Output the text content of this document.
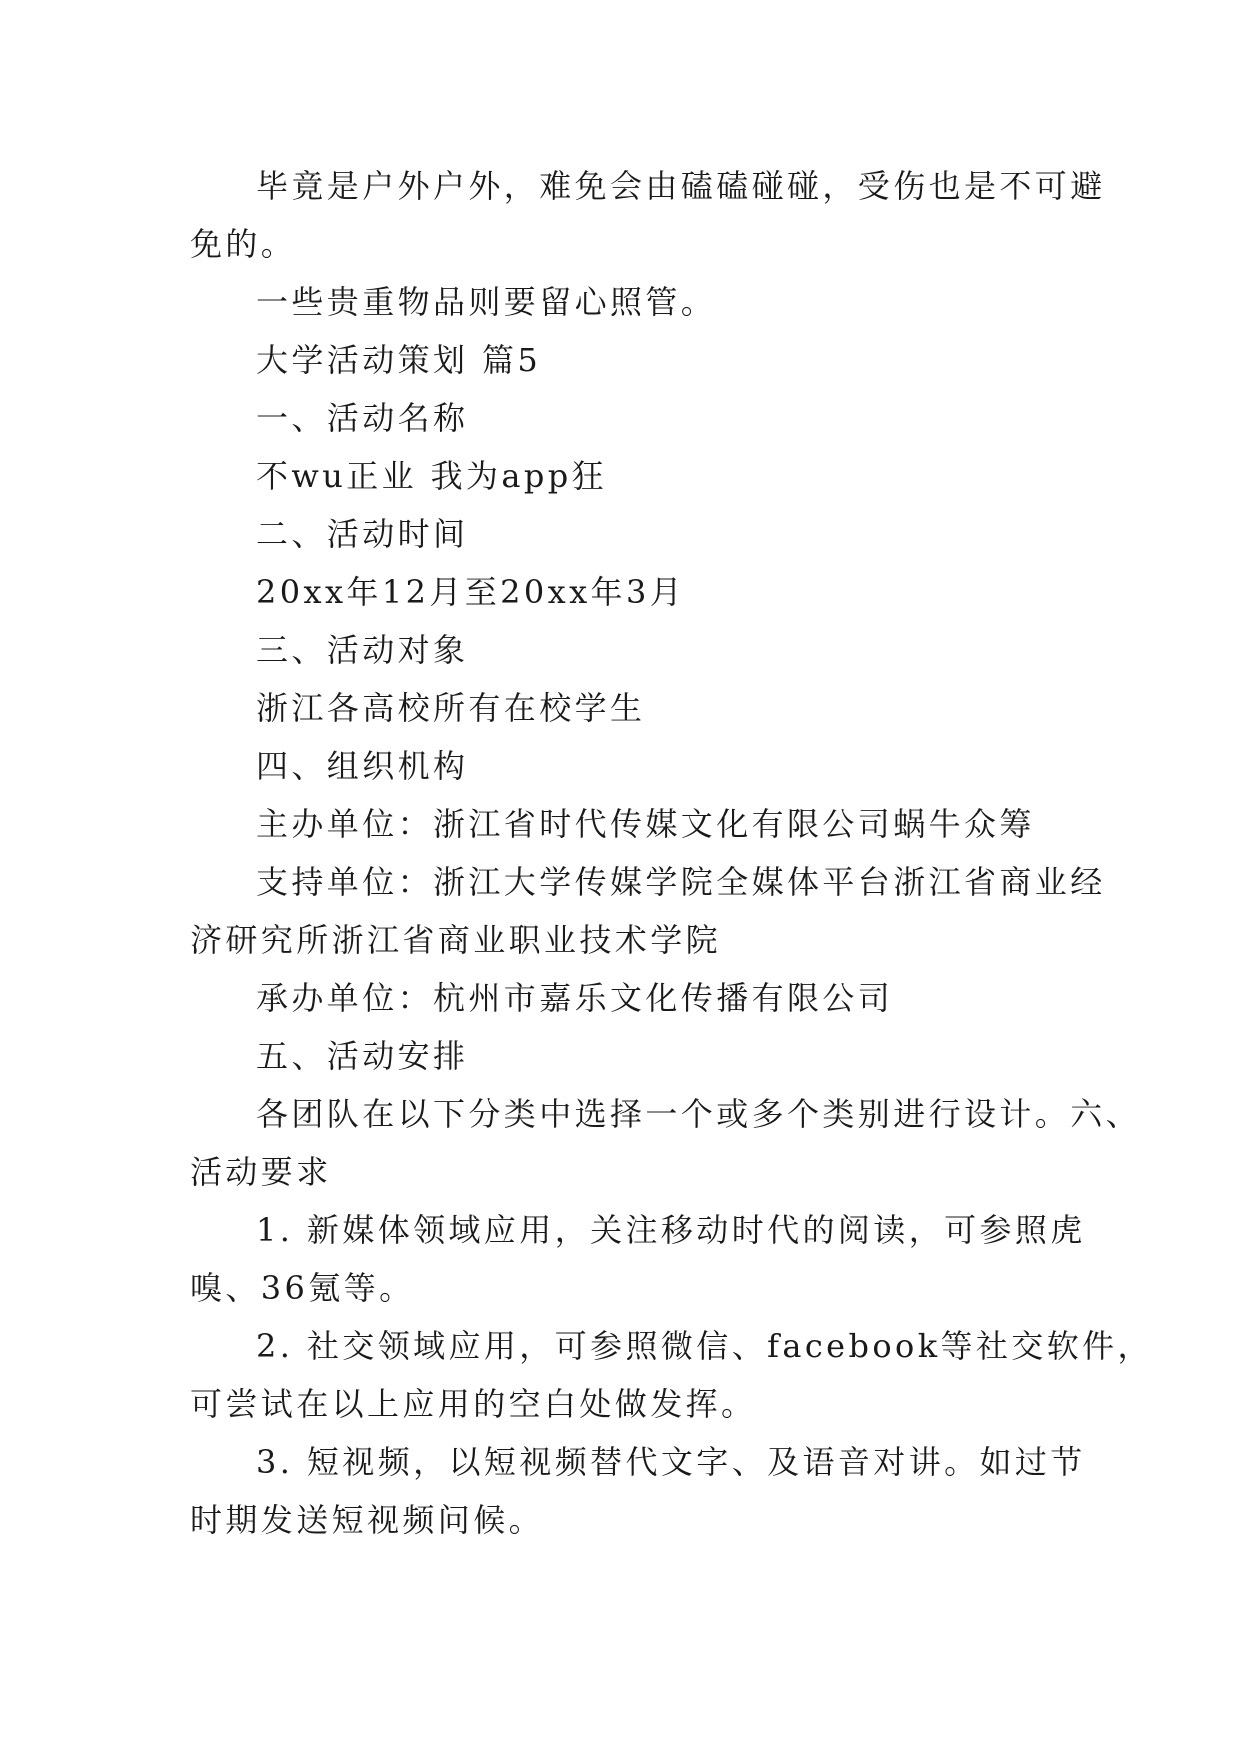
毕竟是户外户外，难免会由磕磕碰碰，受伤也是不可避

免的。

一些贵重物品则要留心照管。

大学活动策划 篇5

一、活动名称

不wu正业 我为app狂

二、活动时间

20xx年12月至20xx年3月

三、活动对象

浙江各高校所有在校学生

四、组织机构

主办单位：浙江省时代传媒文化有限公司蜗牛众筹

支持单位：浙江大学传媒学院全媒体平台浙江省商业经

济研究所浙江省商业职业技术学院

承办单位：杭州市嘉乐文化传播有限公司

五、活动安排

各团队在以下分类中选择一个或多个类别进行设计。六、

活动要求

1. 新媒体领域应用，关注移动时代的阅读，可参照虎

嗅、36氪等。

2. 社交领域应用，可参照微信、facebook等社交软件，

可尝试在以上应用的空白处做发挥。

3. 短视频，以短视频替代文字、及语音对讲。如过节

时期发送短视频问候。
